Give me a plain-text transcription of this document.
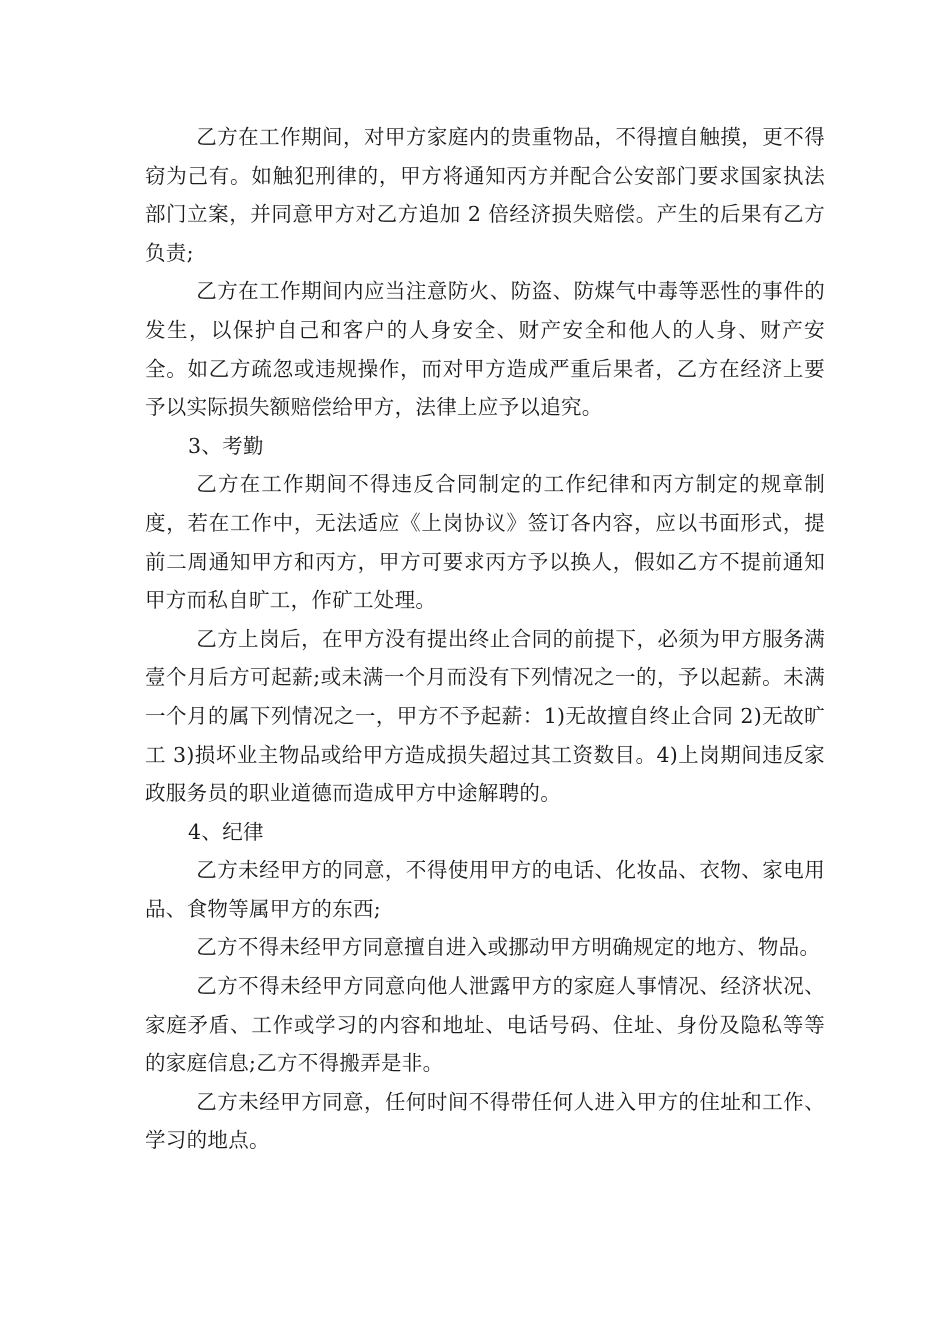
乙方在工作期间，对甲方家庭内的贵重物品，不得擅自触摸，更不得窃为己有。如触犯刑律的，甲方将通知丙方并配合公安部门要求国家执法部门立案，并同意甲方对乙方追加 2 倍经济损失赔偿。产生的后果有乙方负责;

乙方在工作期间内应当注意防火、防盗、防煤气中毒等恶性的事件的发生，以保护自己和客户的人身安全、财产安全和他人的人身、财产安全。如乙方疏忽或违规操作，而对甲方造成严重后果者，乙方在经济上要予以实际损失额赔偿给甲方，法律上应予以追究。

3、考勤

乙方在工作期间不得违反合同制定的工作纪律和丙方制定的规章制度，若在工作中，无法适应《上岗协议》签订各内容，应以书面形式，提前二周通知甲方和丙方，甲方可要求丙方予以换人，假如乙方不提前通知甲方而私自旷工，作矿工处理。

乙方上岗后，在甲方没有提出终止合同的前提下，必须为甲方服务满壹个月后方可起薪;或未满一个月而没有下列情况之一的，予以起薪。未满一个月的属下列情况之一，甲方不予起薪：1)无故擅自终止合同 2)无故旷工 3)损坏业主物品或给甲方造成损失超过其工资数目。4)上岗期间违反家政服务员的职业道德而造成甲方中途解聘的。

4、纪律

乙方未经甲方的同意，不得使用甲方的电话、化妆品、衣物、家电用品、食物等属甲方的东西;

乙方不得未经甲方同意擅自进入或挪动甲方明确规定的地方、物品。

乙方不得未经甲方同意向他人泄露甲方的家庭人事情况、经济状况、家庭矛盾、工作或学习的内容和地址、电话号码、住址、身份及隐私等等的家庭信息;乙方不得搬弄是非。

乙方未经甲方同意，任何时间不得带任何人进入甲方的住址和工作、学习的地点。
